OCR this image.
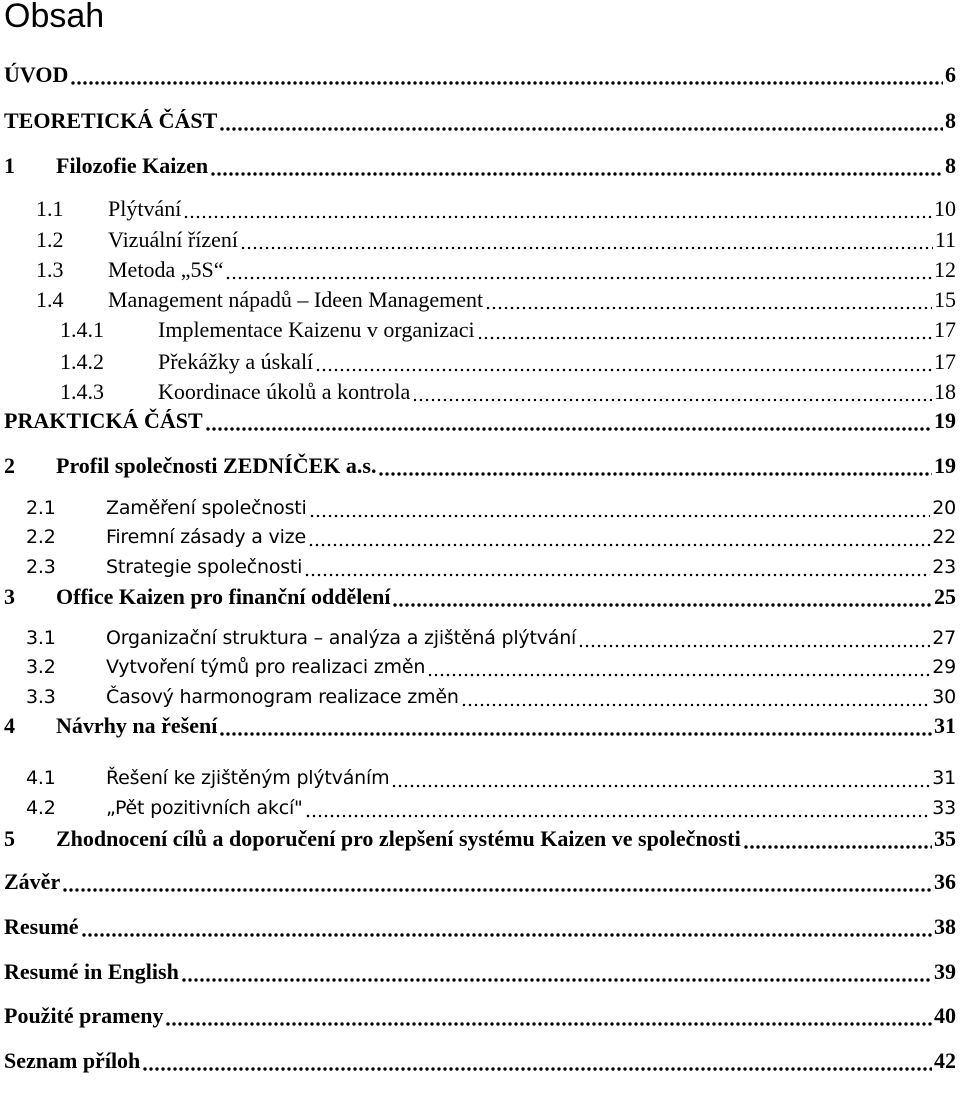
Obsah
ÚVOD	6
TEORETICKÁ ČÁST	8
1 Filozofie Kaizen	8
1.1 Plýtvání	10
1.2 Vizuální řízení	11
1.3 Metoda „5S“	12
1.4 Management nápadů – Ideen Management	15
1.4.1 Implementace Kaizenu v organizaci	17
1.4.2 Překážky a úskalí	17
1.4.3 Koordinace úkolů a kontrola	18
PRAKTICKÁ ČÁST	19
2 Profil společnosti ZEDNÍČEK a.s.	19
2.1	Zaměření společnosti	20
2.2	Firemní zásady a vize	22
2.3	Strategie společnosti	23
3 Office Kaizen pro finanční oddělení	25
3.1	Organizační struktura – analýza a zjištěná plýtvání	27
3.2	Vytvoření týmů pro realizaci změn	29
3.3	Časový harmonogram realizace změn	30
4 Návrhy na řešení	31
4.1	Řešení ke zjištěným plýtváním	31
4.2	„Pět pozitivních akcí"	33
5 Zhodnocení cílů a doporučení pro zlepšení systému Kaizen ve společnosti	35
Závěr	36
Resumé	38
Resumé in English	39
Použité prameny	40
Seznam příloh	42
